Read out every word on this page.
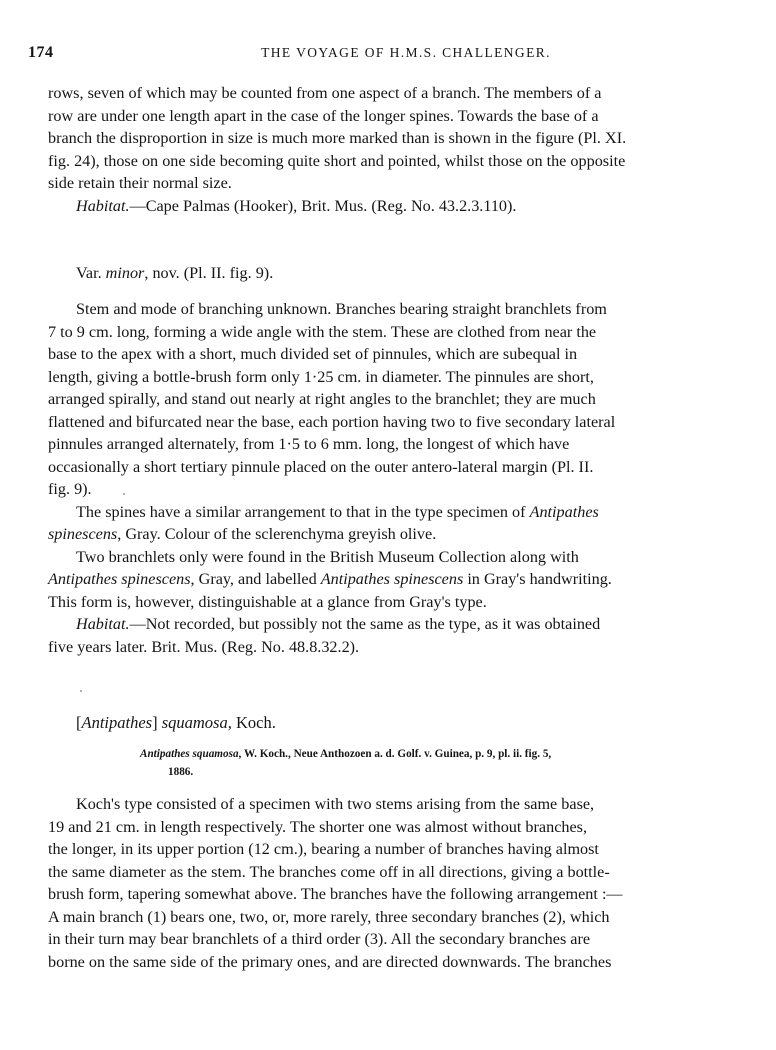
174	THE VOYAGE OF H.M.S. CHALLENGER.

rows, seven of which may be counted from one aspect of a branch. The members of a

row are under one length apart in the case of the longer spines. Towards the base of a

branch the disproportion in size is much more marked than is shown in the figure (Pl. XI.

fig. 24), those on one side becoming quite short and pointed, whilst those on the opposite

side retain their normal size.

Habitat.—Cape Palmas (Hooker), Brit. Mus. (Reg. No. 43.2.3.110).

Var. minor, nov. (Pl. II. fig. 9).

Stem and mode of branching unknown. Branches bearing straight branchlets from

7 to 9 cm. long, forming a wide angle with the stem. These are clothed from near the

base to the apex with a short, much divided set of pinnules, which are subequal in

length, giving a bottle-brush form only 1·25 cm. in diameter. The pinnules are short,

arranged spirally, and stand out nearly at right angles to the branchlet; they are much

flattened and bifurcated near the base, each portion having two to five secondary lateral

pinnules arranged alternately, from 1·5 to 6 mm. long, the longest of which have

occasionally a short tertiary pinnule placed on the outer antero-lateral margin (Pl. II.

fig. 9).

The spines have a similar arrangement to that in the type specimen of Antipathes

spinescens, Gray. Colour of the sclerenchyma greyish olive.

Two branchlets only were found in the British Museum Collection along with

Antipathes spinescens, Gray, and labelled Antipathes spinescens in Gray's handwriting.

This form is, however, distinguishable at a glance from Gray's type.

Habitat.—Not recorded, but possibly not the same as the type, as it was obtained

five years later. Brit. Mus. (Reg. No. 48.8.32.2).

[Antipathes] squamosa, Koch.

Antipathes squamosa, W. Koch., Neue Anthozoen a. d. Golf. v. Guinea, p. 9, pl. ii. fig. 5,

1886.

Koch's type consisted of a specimen with two stems arising from the same base,

19 and 21 cm. in length respectively. The shorter one was almost without branches,

the longer, in its upper portion (12 cm.), bearing a number of branches having almost

the same diameter as the stem. The branches come off in all directions, giving a bottle-

brush form, tapering somewhat above. The branches have the following arrangement :—

A main branch (1) bears one, two, or, more rarely, three secondary branches (2), which

in their turn may bear branchlets of a third order (3). All the secondary branches are

borne on the same side of the primary ones, and are directed downwards. The branches
